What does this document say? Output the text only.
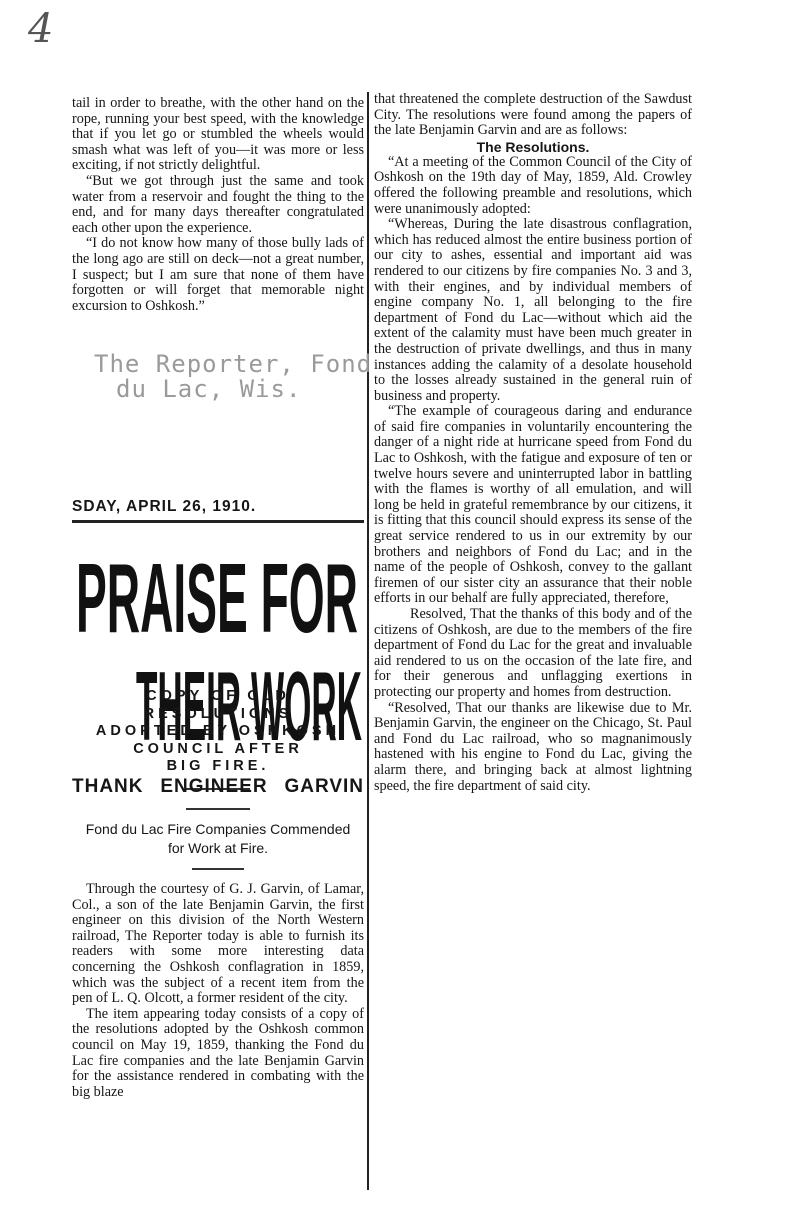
4

tail in order to breathe, with the other hand on the rope, running your best speed, with the knowledge that if you let go or stumbled the wheels would smash what was left of you—it was more or less exciting, if not strictly delightful.

“But we got through just the same and took water from a reservoir and fought the thing to the end, and for many days thereafter congratulated each other upon the experience.

“I do not know how many of those bully lads of the long ago are still on deck—not a great number, I suspect; but I am sure that none of them have forgotten or will forget that memorable night excursion to Oshkosh.”

The Reporter, Fond
du Lac, Wis.
SDAY, APRIL 26, 1910.
PRAISE FOR
THEIR WORK
COPY OF OLD RESOLUTIONS
ADOPTED BY OSHKOSH
COUNCIL AFTER
BIG FIRE.
THANK ENGINEER GARVIN
Fond du Lac Fire Companies Commended for Work at Fire.

Through the courtesy of G. J. Garvin, of Lamar, Col., a son of the late Benjamin Garvin, the first engineer on this division of the North Western railroad, The Reporter today is able to furnish its readers with some more interesting data concerning the Oshkosh conflagration in 1859, which was the subject of a recent item from the pen of L. Q. Olcott, a former resident of the city.

The item appearing today consists of a copy of the resolutions adopted by the Oshkosh common council on May 19, 1859, thanking the Fond du Lac fire companies and the late Benjamin Garvin for the assistance rendered in combating with the big blaze

that threatened the complete destruction of the Sawdust City. The resolutions were found among the papers of the late Benjamin Garvin and are as follows:

The Resolutions.

“At a meeting of the Common Council of the City of Oshkosh on the 19th day of May, 1859, Ald. Crowley offered the following preamble and resolutions, which were unanimously adopted:

“Whereas, During the late disastrous conflagration, which has reduced almost the entire business portion of our city to ashes, essential and important aid was rendered to our citizens by fire companies No. 3 and 3, with their engines, and by individual members of engine company No. 1, all belonging to the fire department of Fond du Lac—without which aid the extent of the calamity must have been much greater in the destruction of private dwellings, and thus in many instances adding the calamity of a desolate household to the losses already sustained in the general ruin of business and property.

“The example of courageous daring and endurance of said fire companies in voluntarily encountering the danger of a night ride at hurricane speed from Fond du Lac to Oshkosh, with the fatigue and exposure of ten or twelve hours severe and uninterrupted labor in battling with the flames is worthy of all emulation, and will long be held in grateful remembrance by our citizens, it is fitting that this council should express its sense of the great service rendered to us in our extremity by our brothers and neighbors of Fond du Lac; and in the name of the people of Oshkosh, convey to the gallant firemen of our sister city an assurance that their noble efforts in our behalf are fully appreciated, therefore,

Resolved, That the thanks of this body and of the citizens of Oshkosh, are due to the members of the fire department of Fond du Lac for the great and invaluable aid rendered to us on the occasion of the late fire, and for their generous and unflagging exertions in protecting our property and homes from destruction.

“Resolved, That our thanks are likewise due to Mr. Benjamin Garvin, the engineer on the Chicago, St. Paul and Fond du Lac railroad, who so magnanimously hastened with his engine to Fond du Lac, giving the alarm there, and bringing back at almost lightning speed, the fire department of said city.
